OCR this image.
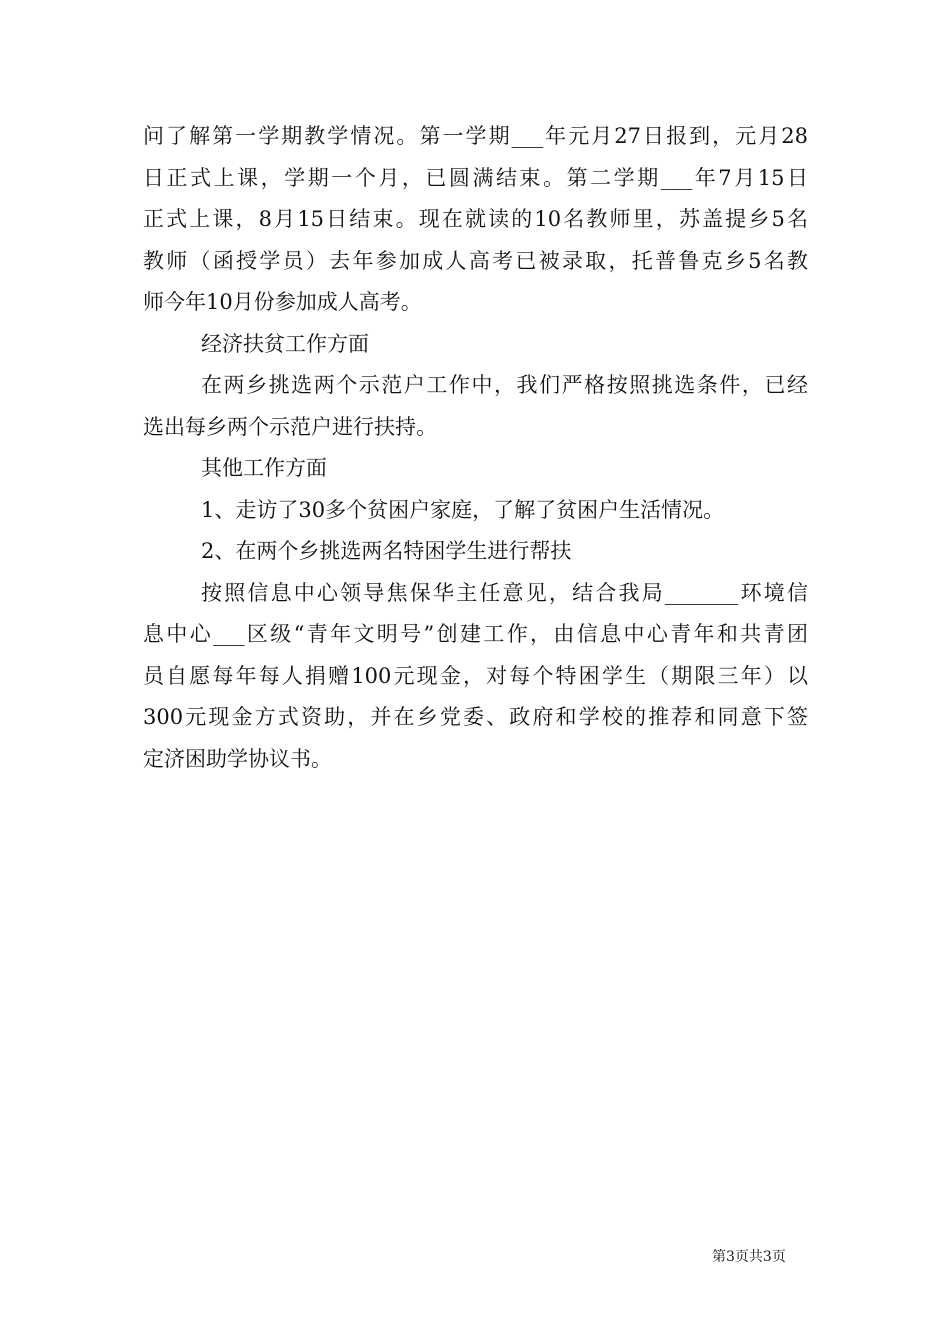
问了解第一学期教学情况。第一学期___年元月27日报到，元月28
日正式上课，学期一个月，已圆满结束。第二学期___年7月15日
正式上课，8月15日结束。现在就读的10名教师里，苏盖提乡5名
教师（函授学员）去年参加成人高考已被录取，托普鲁克乡5名教
师今年10月份参加成人高考。
经济扶贫工作方面
在两乡挑选两个示范户工作中，我们严格按照挑选条件，已经
选出每乡两个示范户进行扶持。
其他工作方面
1、走访了30多个贫困户家庭，了解了贫困户生活情况。
2、在两个乡挑选两名特困学生进行帮扶
按照信息中心领导焦保华主任意见，结合我局_______环境信
息中心___区级“青年文明号”创建工作，由信息中心青年和共青团
员自愿每年每人捐赠100元现金，对每个特困学生（期限三年）以
300元现金方式资助，并在乡党委、政府和学校的推荐和同意下签
定济困助学协议书。
第3页共3页
